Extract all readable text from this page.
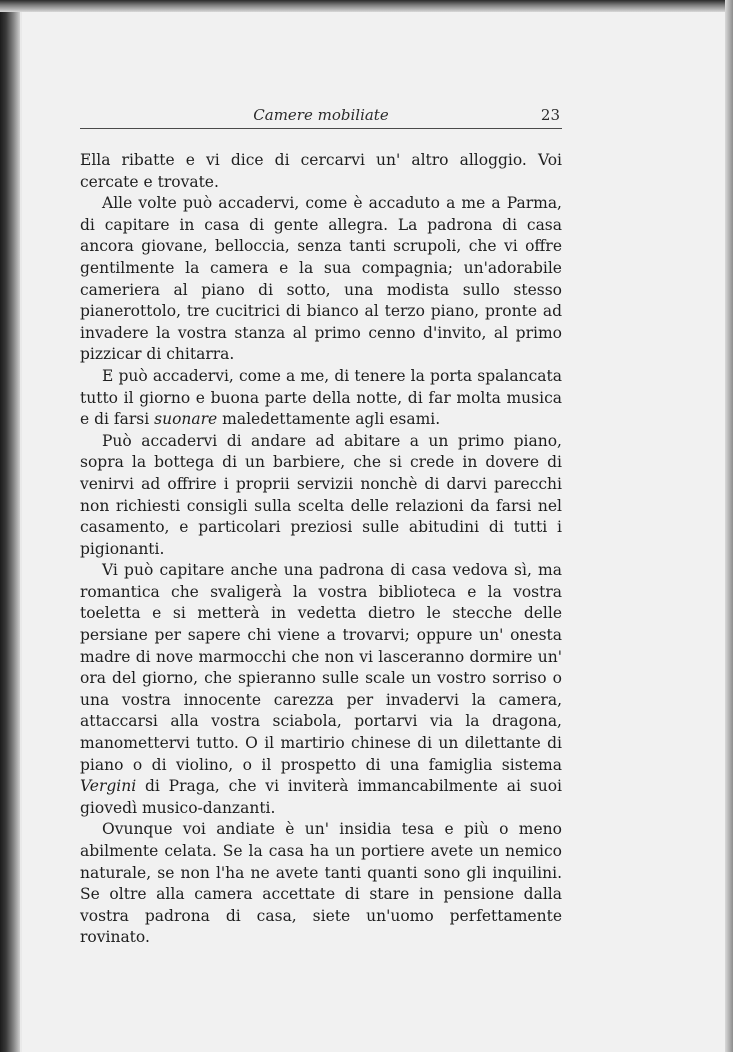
Camere mobiliate	23

Ella ribatte e vi dice di cercarvi un' altro alloggio. Voi cercate e trovate.

Alle volte può accadervi, come è accaduto a me a Parma, di capitare in casa di gente allegra. La padrona di casa ancora giovane, belloccia, senza tanti scrupoli, che vi offre gentilmente la camera e la sua compagnia; un'adorabile cameriera al piano di sotto, una modista sullo stesso pianerottolo, tre cucitrici di bianco al terzo piano, pronte ad invadere la vostra stanza al primo cenno d'invito, al primo pizzicar di chitarra.

E può accadervi, come a me, di tenere la porta spalancata tutto il giorno e buona parte della notte, di far molta musica e di farsi suonare maledettamente agli esami.

Può accadervi di andare ad abitare a un primo piano, sopra la bottega di un barbiere, che si crede in dovere di venirvi ad offrire i proprii servizii nonchè di darvi parecchi non richiesti consigli sulla scelta delle relazioni da farsi nel casamento, e particolari preziosi sulle abitudini di tutti i pigionanti.

Vi può capitare anche una padrona di casa vedova sì, ma romantica che svaligerà la vostra biblioteca e la vostra toeletta e si metterà in vedetta dietro le stecche delle persiane per sapere chi viene a trovarvi; oppure un' onesta madre di nove marmocchi che non vi lasceranno dormire un' ora del giorno, che spieranno sulle scale un vostro sorriso o una vostra innocente carezza per invadervi la camera, attaccarsi alla vostra sciabola, portarvi via la dragona, manomettervi tutto. O il martirio chinese di un dilettante di piano o di violino, o il prospetto di una famiglia sistema Vergini di Praga, che vi inviterà immancabilmente ai suoi giovedì musico-danzanti.

Ovunque voi andiate è un' insidia tesa e più o meno abilmente celata. Se la casa ha un portiere avete un nemico naturale, se non l'ha ne avete tanti quanti sono gli inquilini. Se oltre alla camera accettate di stare in pensione dalla vostra padrona di casa, siete un'uomo perfettamente rovinato.
